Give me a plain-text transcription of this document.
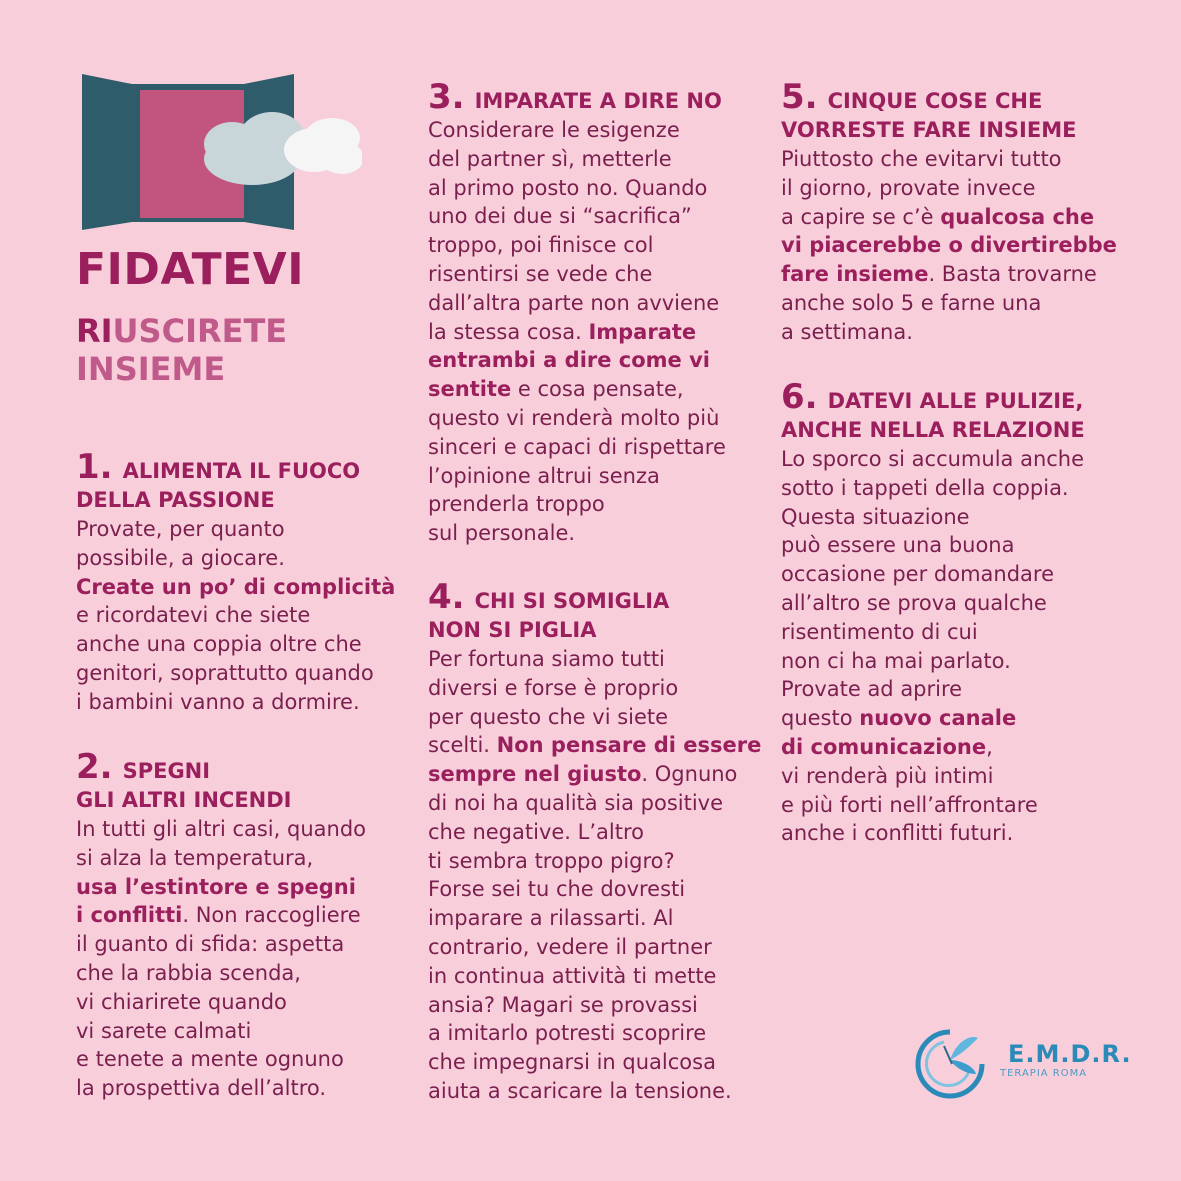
FIDATEVI
RIUSCIRETE
INSIEME
1. ALIMENTA IL FUOCO
DELLA PASSIONE

Provate, per quanto
possibile, a giocare.
Create un po’ di complicità
e ricordatevi che siete
anche una coppia oltre che
genitori, soprattutto quando
i bambini vanno a dormire.

2. SPEGNI
GLI ALTRI INCENDI

In tutti gli altri casi, quando
si alza la temperatura,
usa l’estintore e spegni
i conflitti. Non raccogliere
il guanto di sfida: aspetta
che la rabbia scenda,
vi chiarirete quando
vi sarete calmati
e tenete a mente ognuno
la prospettiva dell’altro.

3. IMPARATE A DIRE NO

Considerare le esigenze
del partner sì, metterle
al primo posto no. Quando
uno dei due si “sacrifica”
troppo, poi finisce col
risentirsi se vede che
dall’altra parte non avviene
la stessa cosa. Imparate
entrambi a dire come vi
sentite e cosa pensate,
questo vi renderà molto più
sinceri e capaci di rispettare
l’opinione altrui senza
prenderla troppo
sul personale.

4. CHI SI SOMIGLIA
NON SI PIGLIA

Per fortuna siamo tutti
diversi e forse è proprio
per questo che vi siete
scelti. Non pensare di essere
sempre nel giusto. Ognuno
di noi ha qualità sia positive
che negative. L’altro
ti sembra troppo pigro?
Forse sei tu che dovresti
imparare a rilassarti. Al
contrario, vedere il partner
in continua attività ti mette
ansia? Magari se provassi
a imitarlo potresti scoprire
che impegnarsi in qualcosa
aiuta a scaricare la tensione.

5. CINQUE COSE CHE
VORRESTE FARE INSIEME

Piuttosto che evitarvi tutto
il giorno, provate invece
a capire se c’è qualcosa che
vi piacerebbe o divertirebbe
fare insieme. Basta trovarne
anche solo 5 e farne una
a settimana.

6. DATEVI ALLE PULIZIE,
ANCHE NELLA RELAZIONE

Lo sporco si accumula anche
sotto i tappeti della coppia.
Questa situazione
può essere una buona
occasione per domandare
all’altro se prova qualche
risentimento di cui
non ci ha mai parlato.
Provate ad aprire
questo nuovo canale
di comunicazione,
vi renderà più intimi
e più forti nell’affrontare
anche i conflitti futuri.

E.M.D.R.
TERAPIA ROMA
